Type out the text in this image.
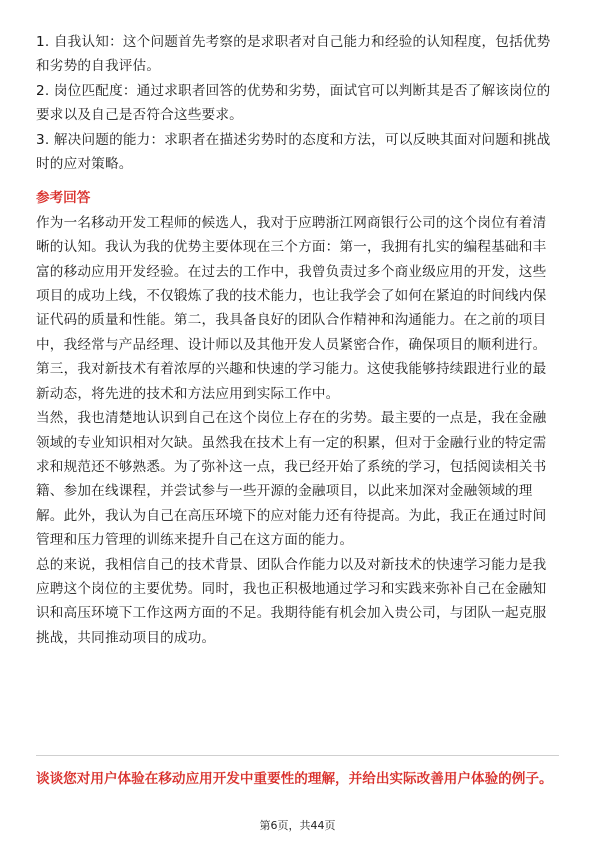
1. 自我认知：这个问题首先考察的是求职者对自己能力和经验的认知程度，包括优势和劣势的自我评估。

2. 岗位匹配度：通过求职者回答的优势和劣势，面试官可以判断其是否了解该岗位的要求以及自己是否符合这些要求。

3. 解决问题的能力：求职者在描述劣势时的态度和方法，可以反映其面对问题和挑战时的应对策略。

参考回答

作为一名移动开发工程师的候选人，我对于应聘浙江网商银行公司的这个岗位有着清晰的认知。我认为我的优势主要体现在三个方面：第一，我拥有扎实的编程基础和丰富的移动应用开发经验。在过去的工作中，我曾负责过多个商业级应用的开发，这些项目的成功上线，不仅锻炼了我的技术能力，也让我学会了如何在紧迫的时间线内保证代码的质量和性能。第二，我具备良好的团队合作精神和沟通能力。在之前的项目中，我经常与产品经理、设计师以及其他开发人员紧密合作，确保项目的顺利进行。第三，我对新技术有着浓厚的兴趣和快速的学习能力。这使我能够持续跟进行业的最新动态，将先进的技术和方法应用到实际工作中。

当然，我也清楚地认识到自己在这个岗位上存在的劣势。最主要的一点是，我在金融领域的专业知识相对欠缺。虽然我在技术上有一定的积累，但对于金融行业的特定需求和规范还不够熟悉。为了弥补这一点，我已经开始了系统的学习，包括阅读相关书籍、参加在线课程，并尝试参与一些开源的金融项目，以此来加深对金融领域的理解。此外，我认为自己在高压环境下的应对能力还有待提高。为此，我正在通过时间管理和压力管理的训练来提升自己在这方面的能力。

总的来说，我相信自己的技术背景、团队合作能力以及对新技术的快速学习能力是我应聘这个岗位的主要优势。同时，我也正积极地通过学习和实践来弥补自己在金融知识和高压环境下工作这两方面的不足。我期待能有机会加入贵公司，与团队一起克服挑战，共同推动项目的成功。

谈谈您对用户体验在移动应用开发中重要性的理解，并给出实际改善用户体验的例子。

第6页，共44页
